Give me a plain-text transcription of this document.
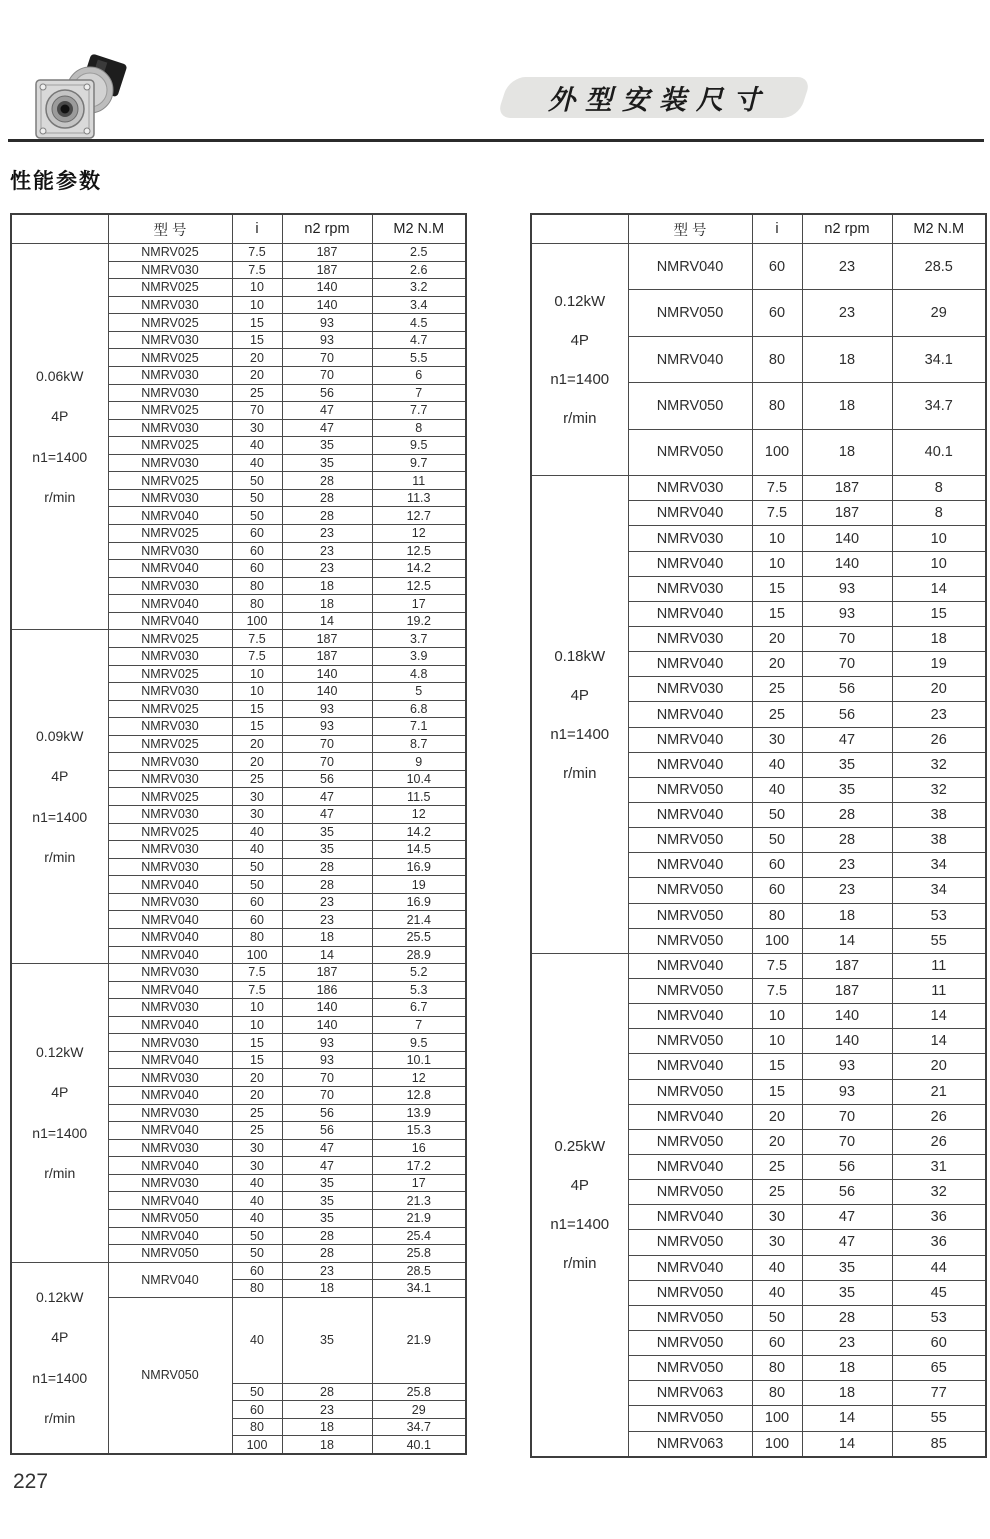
外型安装尺寸
性能参数
	型 号	i	n2 rpm	M2 N.M
0.06kW
4P
n1=1400
r/min	NMRV025	7.5	187	2.5
	NMRV030	7.5	187	2.6
	NMRV025	10	140	3.2
	NMRV030	10	140	3.4
	NMRV025	15	93	4.5
	NMRV030	15	93	4.7
	NMRV025	20	70	5.5
	NMRV030	20	70	6
	NMRV030	25	56	7
	NMRV025	70	47	7.7
	NMRV030	30	47	8
	NMRV025	40	35	9.5
	NMRV030	40	35	9.7
	NMRV025	50	28	11
	NMRV030	50	28	11.3
	NMRV040	50	28	12.7
	NMRV025	60	23	12
	NMRV030	60	23	12.5
	NMRV040	60	23	14.2
	NMRV030	80	18	12.5
	NMRV040	80	18	17
	NMRV040	100	14	19.2
0.09kW
4P
n1=1400
r/min	NMRV025	7.5	187	3.7
	NMRV030	7.5	187	3.9
	NMRV025	10	140	4.8
	NMRV030	10	140	5
	NMRV025	15	93	6.8
	NMRV030	15	93	7.1
	NMRV025	20	70	8.7
	NMRV030	20	70	9
	NMRV030	25	56	10.4
	NMRV025	30	47	11.5
	NMRV030	30	47	12
	NMRV025	40	35	14.2
	NMRV030	40	35	14.5
	NMRV030	50	28	16.9
	NMRV040	50	28	19
	NMRV030	60	23	16.9
	NMRV040	60	23	21.4
	NMRV040	80	18	25.5
	NMRV040	100	14	28.9
0.12kW
4P
n1=1400
r/min	NMRV030	7.5	187	5.2
	NMRV040	7.5	186	5.3
	NMRV030	10	140	6.7
	NMRV040	10	140	7
	NMRV030	15	93	9.5
	NMRV040	15	93	10.1
	NMRV030	20	70	12
	NMRV040	20	70	12.8
	NMRV030	25	56	13.9
	NMRV040	25	56	15.3
	NMRV030	30	47	16
	NMRV040	30	47	17.2
	NMRV030	40	35	17
	NMRV040	40	35	21.3
	NMRV050	40	35	21.9
	NMRV040	50	28	25.4
	NMRV050	50	28	25.8
0.12kW
4P
n1=1400
r/min	NMRV040	60	23	28.5
		80	18	34.1
	NMRV050	40	35	21.9
		50	28	25.8
		60	23	29
		80	18	34.7
		100	18	40.1
	型 号	i	n2 rpm	M2 N.M
0.12kW
4P
n1=1400
r/min	NMRV040	60	23	28.5
	NMRV050	60	23	29
	NMRV040	80	18	34.1
	NMRV050	80	18	34.7
	NMRV050	100	18	40.1
0.18kW
4P
n1=1400
r/min	NMRV030	7.5	187	8
	NMRV040	7.5	187	8
	NMRV030	10	140	10
	NMRV040	10	140	10
	NMRV030	15	93	14
	NMRV040	15	93	15
	NMRV030	20	70	18
	NMRV040	20	70	19
	NMRV030	25	56	20
	NMRV040	25	56	23
	NMRV040	30	47	26
	NMRV040	40	35	32
	NMRV050	40	35	32
	NMRV040	50	28	38
	NMRV050	50	28	38
	NMRV040	60	23	34
	NMRV050	60	23	34
	NMRV050	80	18	53
	NMRV050	100	14	55
0.25kW
4P
n1=1400
r/min	NMRV040	7.5	187	11
	NMRV050	7.5	187	11
	NMRV040	10	140	14
	NMRV050	10	140	14
	NMRV040	15	93	20
	NMRV050	15	93	21
	NMRV040	20	70	26
	NMRV050	20	70	26
	NMRV040	25	56	31
	NMRV050	25	56	32
	NMRV040	30	47	36
	NMRV050	30	47	36
	NMRV040	40	35	44
	NMRV050	40	35	45
	NMRV050	50	28	53
	NMRV050	60	23	60
	NMRV050	80	18	65
	NMRV063	80	18	77
	NMRV050	100	14	55
	NMRV063	100	14	85
227
